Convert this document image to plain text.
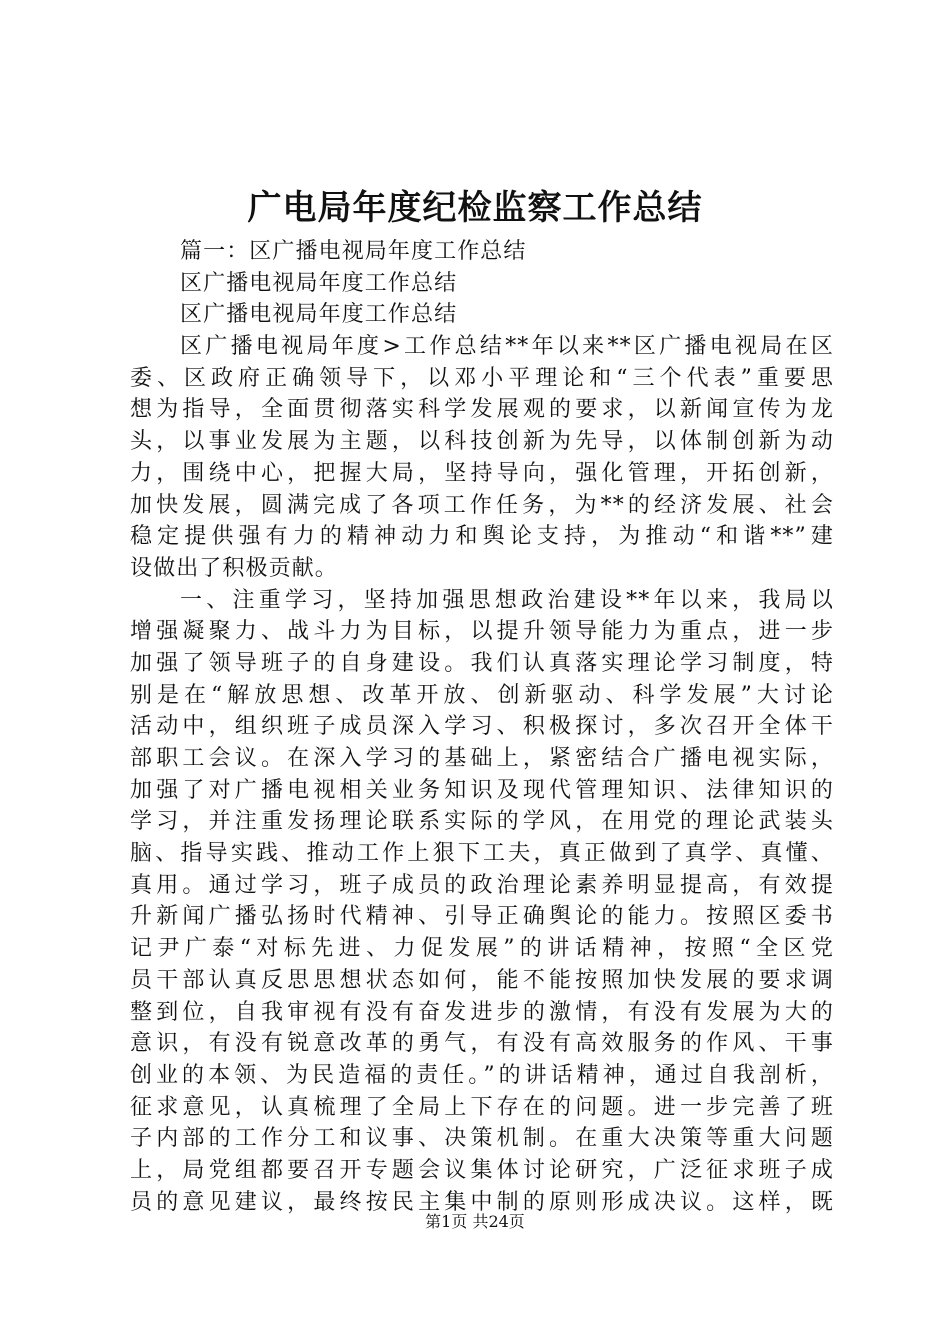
广电局年度纪检监察工作总结
篇一：区广播电视局年度工作总结
区广播电视局年度工作总结
区广播电视局年度工作总结
区广播电视局年度>工作总结**年以来**区广播电视局在区
委、区政府正确领导下，以邓小平理论和“三个代表”重要思
想为指导，全面贯彻落实科学发展观的要求，以新闻宣传为龙
头，以事业发展为主题，以科技创新为先导，以体制创新为动
力，围绕中心，把握大局，坚持导向，强化管理，开拓创新，
加快发展，圆满完成了各项工作任务，为**的经济发展、社会
稳定提供强有力的精神动力和舆论支持，为推动“和谐**”建
设做出了积极贡献。
一、注重学习，坚持加强思想政治建设**年以来，我局以
增强凝聚力、战斗力为目标，以提升领导能力为重点，进一步
加强了领导班子的自身建设。我们认真落实理论学习制度，特
别是在“解放思想、改革开放、创新驱动、科学发展”大讨论
活动中，组织班子成员深入学习、积极探讨，多次召开全体干
部职工会议。在深入学习的基础上，紧密结合广播电视实际，
加强了对广播电视相关业务知识及现代管理知识、法律知识的
学习，并注重发扬理论联系实际的学风，在用党的理论武装头
脑、指导实践、推动工作上狠下工夫，真正做到了真学、真懂、
真用。通过学习，班子成员的政治理论素养明显提高，有效提
升新闻广播弘扬时代精神、引导正确舆论的能力。按照区委书
记尹广泰“对标先进、力促发展”的讲话精神，按照“全区党
员干部认真反思思想状态如何，能不能按照加快发展的要求调
整到位，自我审视有没有奋发进步的激情，有没有发展为大的
意识，有没有锐意改革的勇气，有没有高效服务的作风、干事
创业的本领、为民造福的责任。”的讲话精神，通过自我剖析，
征求意见，认真梳理了全局上下存在的问题。进一步完善了班
子内部的工作分工和议事、决策机制。在重大决策等重大问题
上，局党组都要召开专题会议集体讨论研究，广泛征求班子成
员的意见建议，最终按民主集中制的原则形成决议。这样，既
第1页 共24页
